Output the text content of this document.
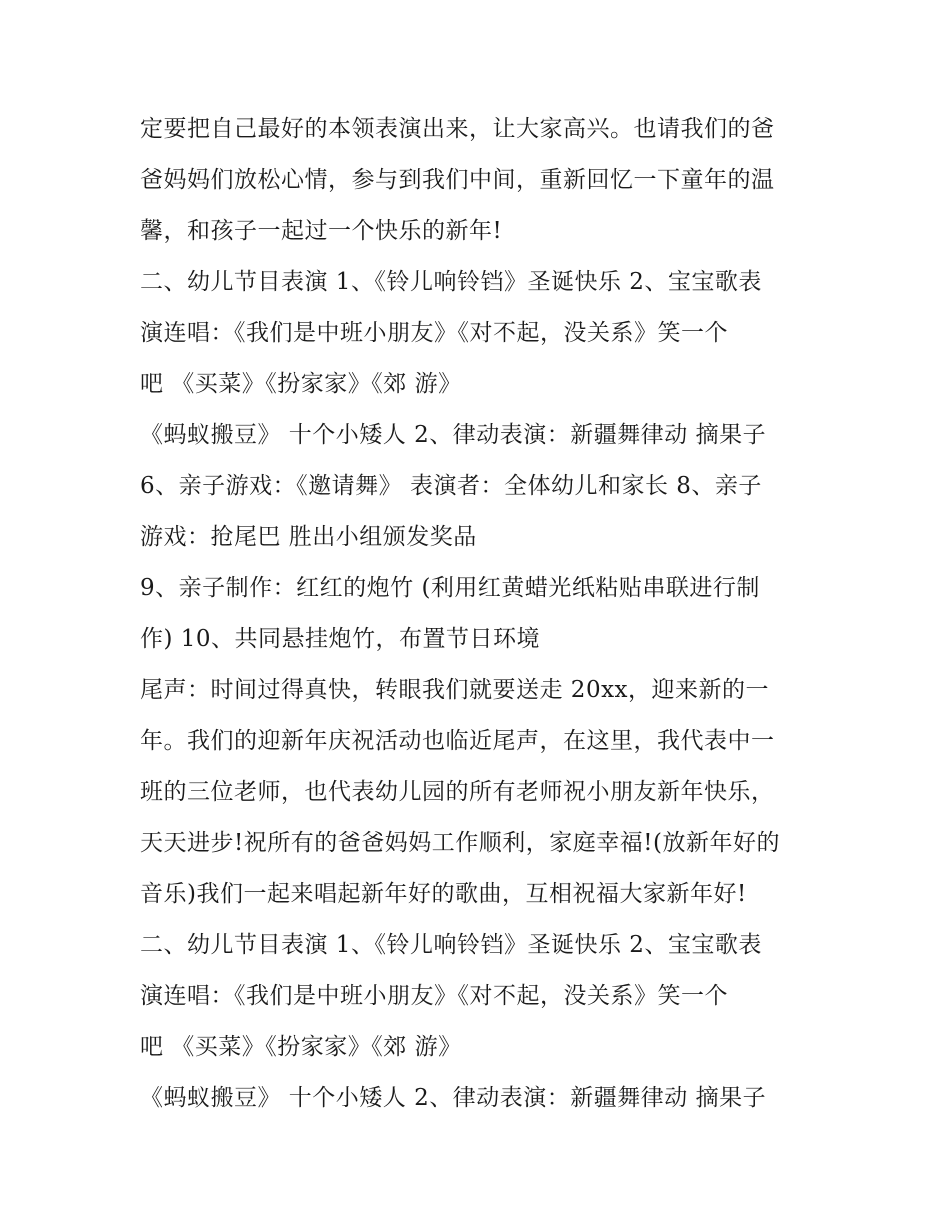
定要把自己最好的本领表演出来，让大家高兴。也请我们的爸
爸妈妈们放松心情，参与到我们中间，重新回忆一下童年的温
馨，和孩子一起过一个快乐的新年!
二、幼儿节目表演 1、《铃儿响铃铛》圣诞快乐 2、宝宝歌表
演连唱：《我们是中班小朋友》《对不起，没关系》笑一个
吧 《买菜》《扮家家》《郊 游》
《蚂蚁搬豆》 十个小矮人 2、律动表演：新疆舞律动 摘果子
6、亲子游戏：《邀请舞》 表演者：全体幼儿和家长 8、亲子
游戏：抢尾巴 胜出小组颁发奖品
9、亲子制作：红红的炮竹 (利用红黄蜡光纸粘贴串联进行制
作) 10、共同悬挂炮竹，布置节日环境
尾声：时间过得真快，转眼我们就要送走 20xx，迎来新的一
年。我们的迎新年庆祝活动也临近尾声，在这里，我代表中一
班的三位老师，也代表幼儿园的所有老师祝小朋友新年快乐，
天天进步!祝所有的爸爸妈妈工作顺利，家庭幸福!(放新年好的
音乐)我们一起来唱起新年好的歌曲，互相祝福大家新年好!
二、幼儿节目表演 1、《铃儿响铃铛》圣诞快乐 2、宝宝歌表
演连唱：《我们是中班小朋友》《对不起，没关系》笑一个
吧 《买菜》《扮家家》《郊 游》
《蚂蚁搬豆》 十个小矮人 2、律动表演：新疆舞律动 摘果子
